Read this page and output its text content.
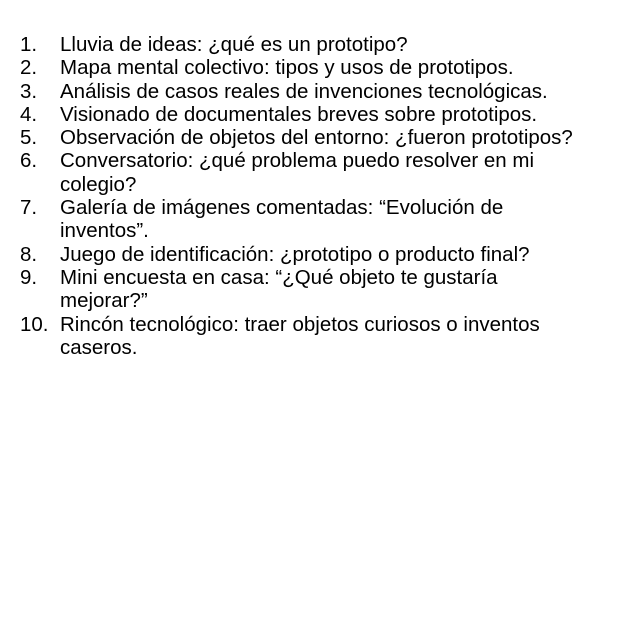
1.	Lluvia de ideas: ¿qué es un prototipo?
2.	Mapa mental colectivo: tipos y usos de prototipos.
3.	Análisis de casos reales de invenciones tecnológicas.
4.	Visionado de documentales breves sobre prototipos.
5.	Observación de objetos del entorno: ¿fueron prototipos?
6.	Conversatorio: ¿qué problema puedo resolver en mi colegio?
7.	Galería de imágenes comentadas: “Evolución de inventos”.
8.	Juego de identificación: ¿prototipo o producto final?
9.	Mini encuesta en casa: “¿Qué objeto te gustaría mejorar?”
10. Rincón tecnológico: traer objetos curiosos o inventos caseros.
